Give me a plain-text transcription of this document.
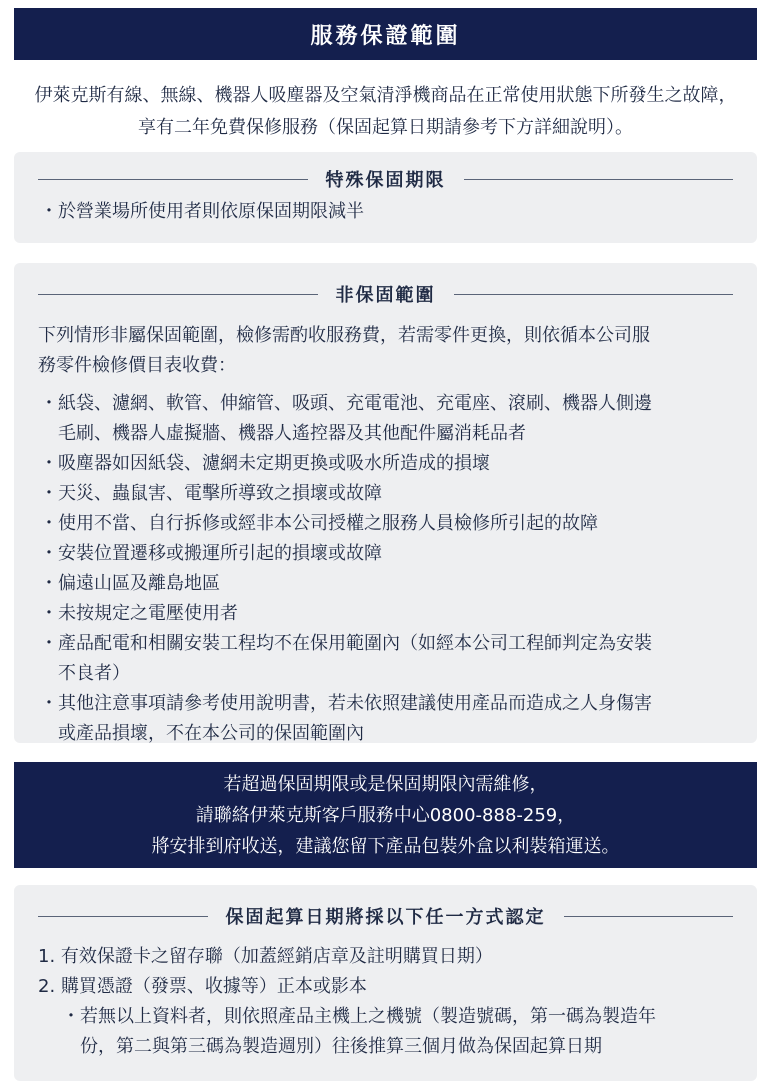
服務保證範圍
伊萊克斯有線、無線、機器人吸塵器及空氣清淨機商品在正常使用狀態下所發生之故障，
享有二年免費保修服務（保固起算日期請參考下方詳細說明）。
特殊保固期限
・ 於營業場所使用者則依原保固期限減半
非保固範圍
下列情形非屬保固範圍，檢修需酌收服務費，若需零件更換，則依循本公司服
務零件檢修價目表收費：
・ 紙袋、濾網、軟管、伸縮管、吸頭、充電電池、充電座、滾刷、機器人側邊
毛刷、機器人虛擬牆、機器人遙控器及其他配件屬消耗品者
・ 吸塵器如因紙袋、濾網未定期更換或吸水所造成的損壞
・ 天災、蟲鼠害、電擊所導致之損壞或故障
・ 使用不當、自行拆修或經非本公司授權之服務人員檢修所引起的故障
・ 安裝位置遷移或搬運所引起的損壞或故障
・ 偏遠山區及離島地區
・ 未按規定之電壓使用者
・ 產品配電和相關安裝工程均不在保用範圍內（如經本公司工程師判定為安裝
不良者）
・ 其他注意事項請參考使用說明書，若未依照建議使用產品而造成之人身傷害
或產品損壞，不在本公司的保固範圍內
若超過保固期限或是保固期限內需維修，
請聯絡伊萊克斯客戶服務中心0800-888-259，
將安排到府收送，建議您留下產品包裝外盒以利裝箱運送。
保固起算日期將採以下任一方式認定
1. 有效保證卡之留存聯（加蓋經銷店章及註明購買日期）
2. 購買憑證（發票、收據等）正本或影本
・ 若無以上資料者，則依照產品主機上之機號（製造號碼，第一碼為製造年
份，第二與第三碼為製造週別）往後推算三個月做為保固起算日期
